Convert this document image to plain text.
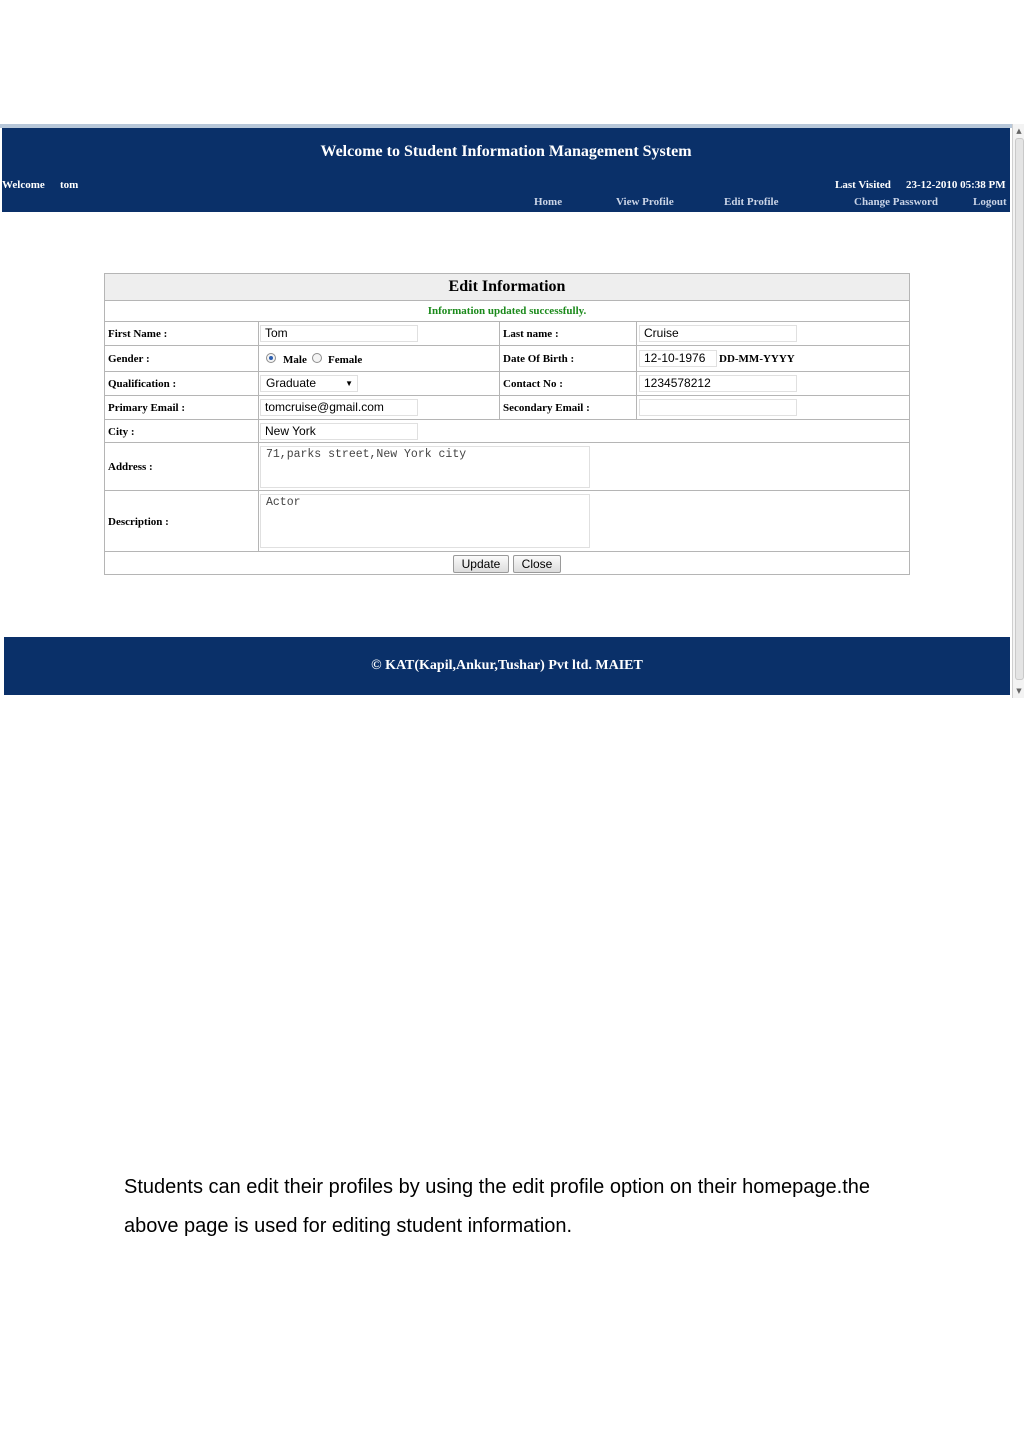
Welcome to Student Information Management System
Welcome tom	Last Visited 23-12-2010 05:38 PM
Home	View Profile	Edit Profile	Change Password	Logout
Edit Information
Information updated successfully.
First Name :	Tom	Last name :	Cruise
Gender :	Male Female	Date Of Birth :	12-10-1976	DD-MM-YYYY
Qualification :	Graduate	▼	Contact No :	1234578212
Primary Email :	tomcruise@gmail.com	Secondary Email :
City :	New York
Address :
71,parks street,New York city
Description :
Actor
Update	Close
© KAT(Kapil,Ankur,Tushar) Pvt ltd. MAIET
▲
▼
Students can edit their profiles by using the edit profile option on their homepage.the above page is used for editing student information.
